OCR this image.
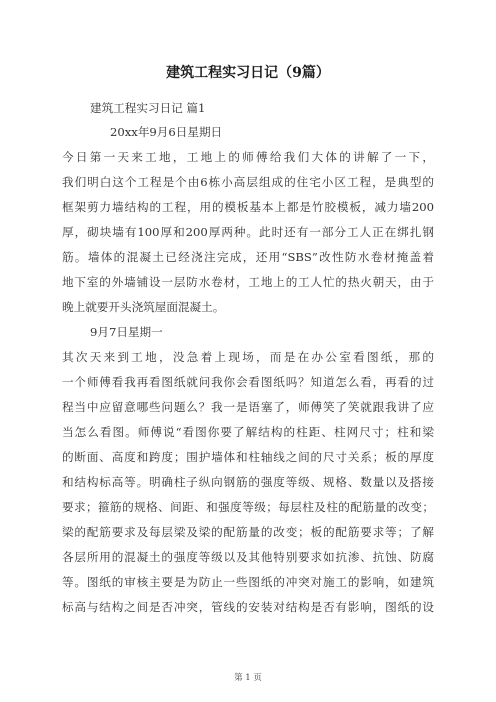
建筑工程实习日记（9篇）
建筑工程实习日记 篇1
20xx年9月6日星期日
今日第一天来工地，工地上的师傅给我们大体的讲解了一下，
我们明白这个工程是个由6栋小高层组成的住宅小区工程，是典型的
框架剪力墙结构的工程，用的模板基本上都是竹胶模板，减力墙200
厚，砌块墙有100厚和200厚两种。此时还有一部分工人正在绑扎钢
筋。墙体的混凝土已经浇注完成，还用“SBS”改性防水卷材掩盖着
地下室的外墙铺设一层防水卷材，工地上的工人忙的热火朝天，由于
晚上就要开头浇筑屋面混凝土。
9月7日星期一
其次天来到工地，没急着上现场，而是在办公室看图纸，那的
一个师傅看我再看图纸就问我你会看图纸吗？知道怎么看，再看的过
程当中应留意哪些问题么？我一是语塞了，师傅笑了笑就跟我讲了应
当怎么看图。师傅说“看图你要了解结构的柱距、柱网尺寸；柱和梁
的断面、高度和跨度；围护墙体和柱轴线之间的尺寸关系；板的厚度
和结构标高等。明确柱子纵向钢筋的强度等级、规格、数量以及搭接
要求；箍筋的规格、间距、和强度等级；每层柱及柱的配筋量的改变；
梁的配筋要求及每层梁及梁的配筋量的改变；板的配筋要求等；了解
各层所用的混凝土的强度等级以及其他特别要求如抗渗、抗蚀、防腐
等。图纸的审核主要是为防止一些图纸的冲突对施工的影响，如建筑
标高与结构之间是否冲突，管线的安装对结构是否有影响，图纸的设
第 1 页
